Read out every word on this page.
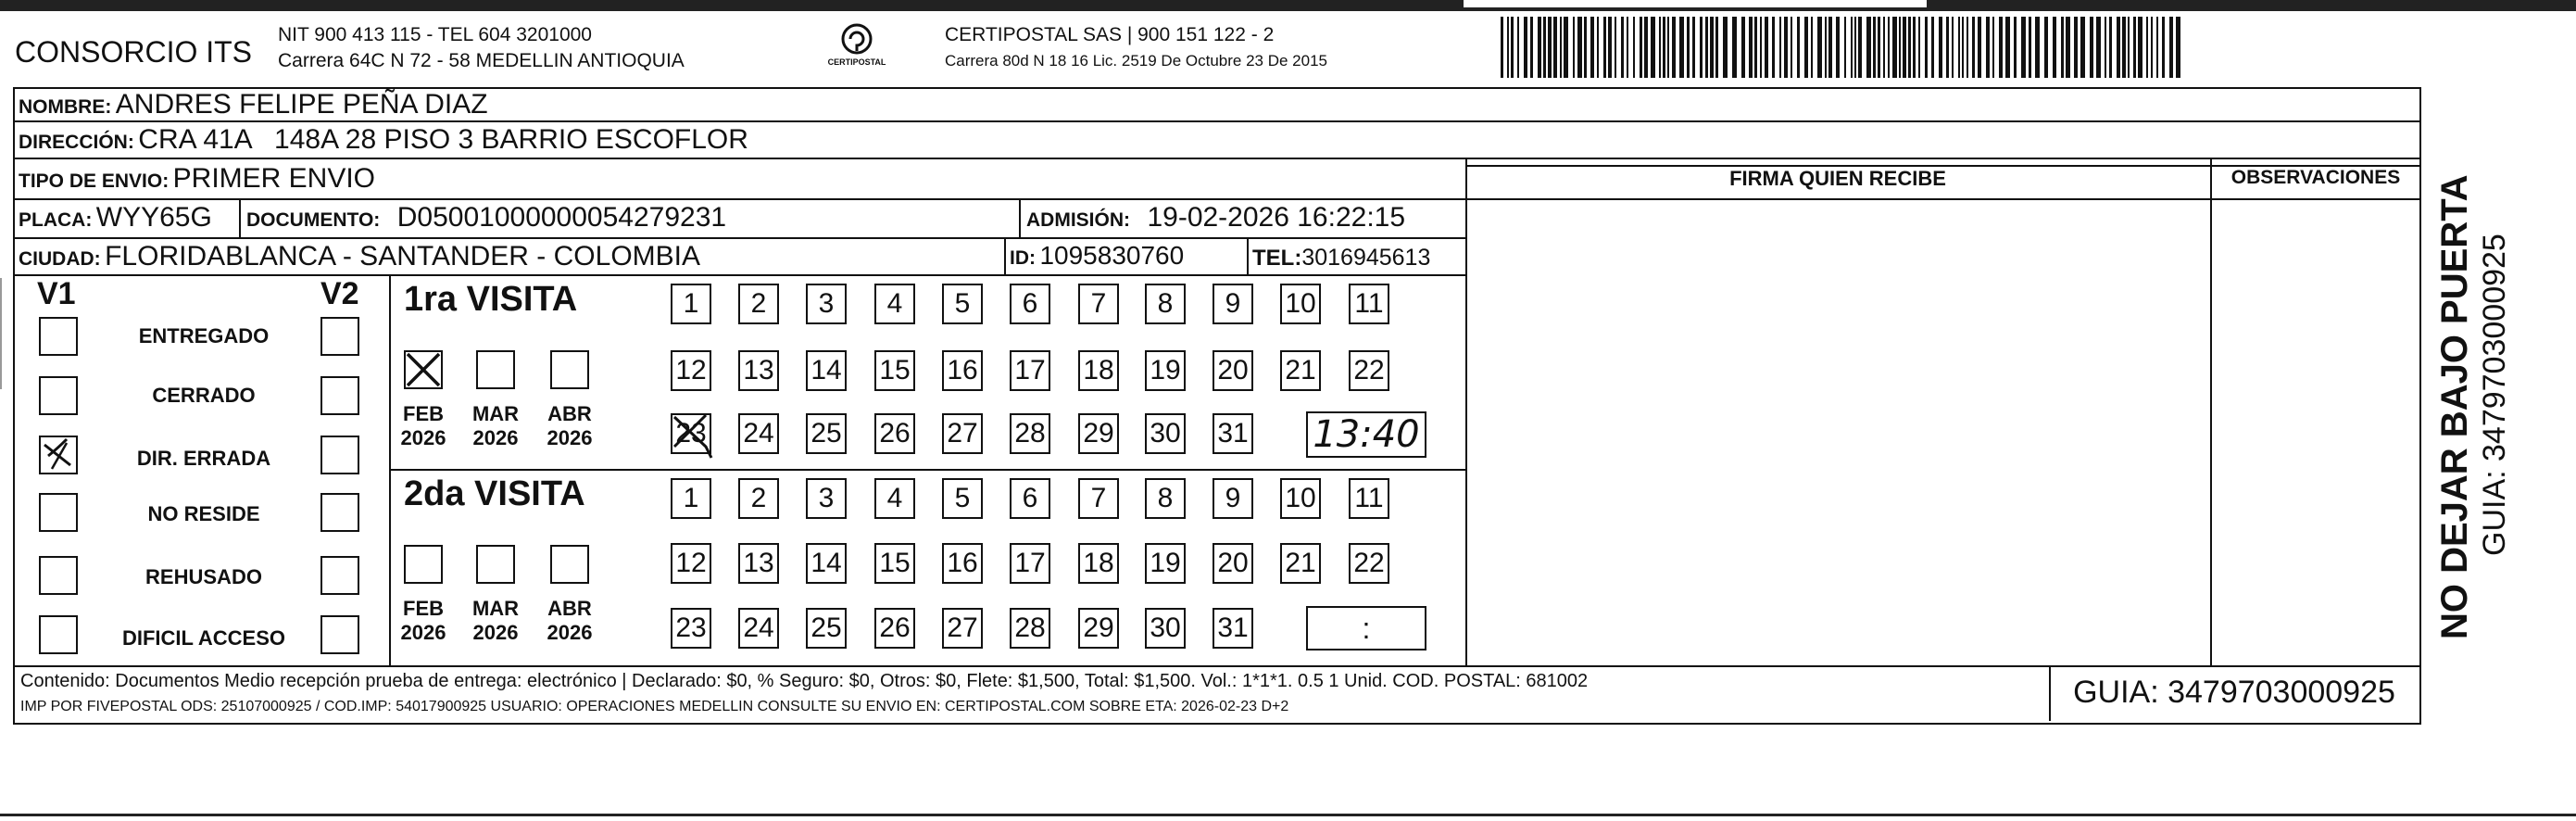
CONSORCIO ITS
NIT 900 413 115 - TEL 604 3201000
Carrera 64C N 72 - 58 MEDELLIN ANTIOQUIA	CERTIPOSTAL
CERTIPOSTAL SAS | 900 151 122 - 2
Carrera 80d N 18 16 Lic. 2519 De Octubre 23 De 2015
NOMBRE: ANDRES FELIPE PEÑA DIAZ
DIRECCIÓN: CRA 41A   148A 28 PISO 3 BARRIO ESCOFLOR
TIPO DE ENVIO: PRIMER ENVIO	FIRMA QUIEN RECIBE	OBSERVACIONES
PLACA: WYY65G DOCUMENTO: D05001000000054279231	ADMISIÓN: 19-02-2026 16:22:15
CIUDAD: FLORIDABLANCA - SANTANDER - COLOMBIA	ID: 1095830760	TEL:3016945613
V1	V2
ENTREGADO
CERRADO
DIR. ERRADA
NO RESIDE
REHUSADO
DIFICIL ACCESO
1ra VISITA
FEB
2026
MAR
2026
ABR
2026
1	2	3	4	5	6	7	8	9	10 11
12 13 14 15 16 17 18 19 20 21 22
23 24 25 26 27 28 29 30 31 13:40
2da VISITA
FEB
2026
MAR
2026
ABR
2026
1	2	3	4	5	6	7	8	9	10 11
12 13 14 15 16 17 18 19 20 21 22
23 24 25 26 27 28 29 30 31	:
Contenido: Documentos Medio recepción prueba de entrega: electrónico | Declarado: $0, % Seguro: $0, Otros: $0, Flete: $1,500, Total: $1,500. Vol.: 1*1*1. 0.5 1 Unid. COD. POSTAL: 681002
IMP POR FIVEPOSTAL ODS: 25107000925 / COD.IMP: 54017900925 USUARIO: OPERACIONES MEDELLIN CONSULTE SU ENVIO EN: CERTIPOSTAL.COM SOBRE ETA: 2026-02-23 D+2	GUIA: 3479703000925
NO DEJAR BAJO PUERTA GUIA: 3479703000925
